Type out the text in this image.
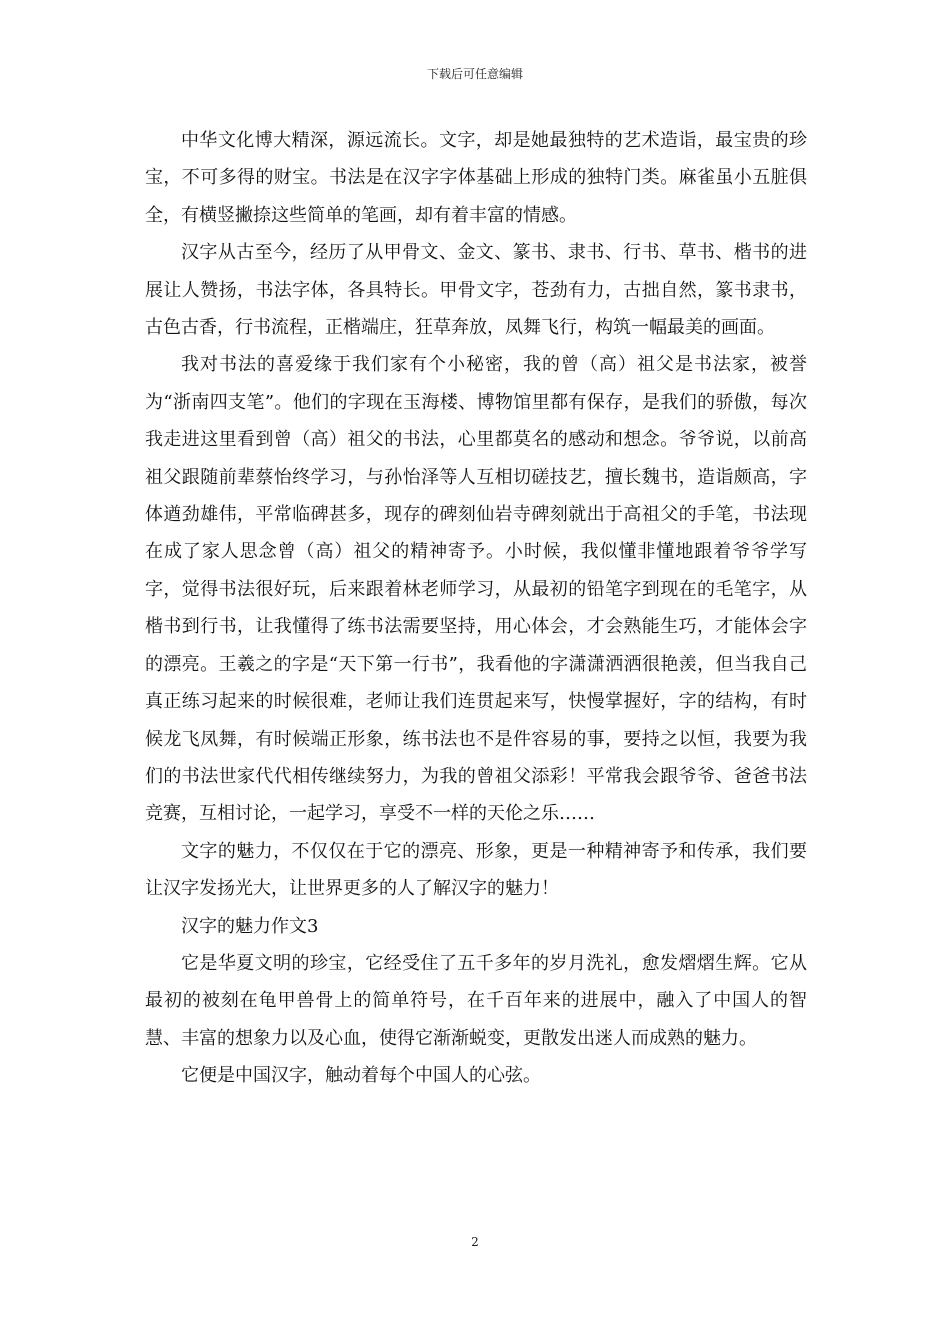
下载后可任意编辑

中华文化博大精深，源远流长。文字，却是她最独特的艺术造诣，最宝贵的珍宝，不可多得的财宝。书法是在汉字字体基础上形成的独特门类。麻雀虽小五脏俱全，有横竖撇捺这些简单的笔画，却有着丰富的情感。

汉字从古至今，经历了从甲骨文、金文、篆书、隶书、行书、草书、楷书的进展让人赞扬，书法字体，各具特长。甲骨文字，苍劲有力，古拙自然，篆书隶书，古色古香，行书流程，正楷端庄，狂草奔放，凤舞飞行，构筑一幅最美的画面。

我对书法的喜爱缘于我们家有个小秘密，我的曾（高）祖父是书法家，被誉为“浙南四支笔”。他们的字现在玉海楼、博物馆里都有保存，是我们的骄傲，每次我走进这里看到曾（高）祖父的书法，心里都莫名的感动和想念。爷爷说，以前高祖父跟随前辈蔡怡终学习，与孙怡泽等人互相切磋技艺，擅长魏书，造诣颇高，字体遒劲雄伟，平常临碑甚多，现存的碑刻仙岩寺碑刻就出于高祖父的手笔，书法现在成了家人思念曾（高）祖父的精神寄予。小时候，我似懂非懂地跟着爷爷学写字，觉得书法很好玩，后来跟着林老师学习，从最初的铅笔字到现在的毛笔字，从楷书到行书，让我懂得了练书法需要坚持，用心体会，才会熟能生巧，才能体会字的漂亮。王羲之的字是“天下第一行书”，我看他的字潇潇洒洒很艳羡，但当我自己真正练习起来的时候很难，老师让我们连贯起来写，快慢掌握好，字的结构，有时候龙飞凤舞，有时候端正形象，练书法也不是件容易的事，要持之以恒，我要为我们的书法世家代代相传继续努力，为我的曾祖父添彩！平常我会跟爷爷、爸爸书法竞赛，互相讨论，一起学习，享受不一样的天伦之乐……

文字的魅力，不仅仅在于它的漂亮、形象，更是一种精神寄予和传承，我们要让汉字发扬光大，让世界更多的人了解汉字的魅力！

汉字的魅力作文3

它是华夏文明的珍宝，它经受住了五千多年的岁月洗礼，愈发熠熠生辉。它从最初的被刻在龟甲兽骨上的简单符号，在千百年来的进展中，融入了中国人的智慧、丰富的想象力以及心血，使得它渐渐蜕变，更散发出迷人而成熟的魅力。

它便是中国汉字，触动着每个中国人的心弦。

2
